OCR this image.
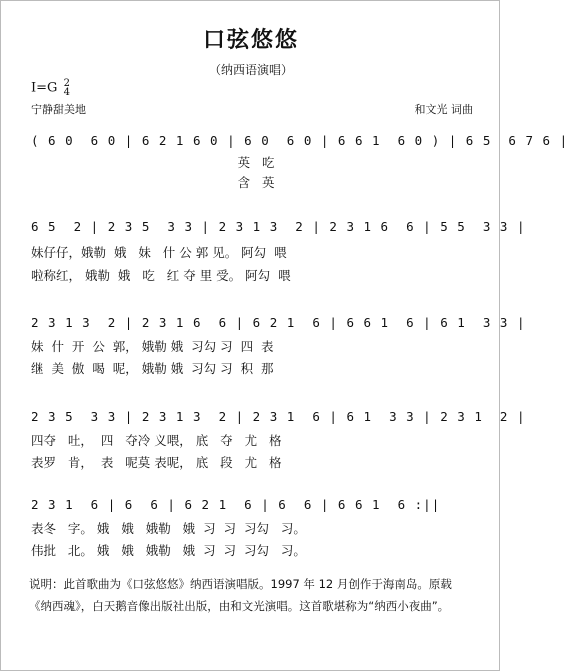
口弦悠悠
（纳西语演唱）
I=G 2
4
宁静甜美地	和文光 词曲
( 6 0  6 0 | 6 2 1 6 0 | 6 0  6 0 | 6 6 1  6 0 ) | 6 5  6 7 6 |
英   吃
含   英
6 5  2 | 2 3 5  3 3 | 2 3 1 3  2 | 2 3 1 6  6 | 5 5  3 3 |
妹仔仔，娥勒  娥   妹   什 公 郭 见。 阿勾  喂
啦称红， 娥勒  娥   吃   红 夺 里 受。 阿勾  喂
2 3 1 3  2 | 2 3 1 6  6 | 6 2 1  6 | 6 6 1  6 | 6 1  3 3 |
妹  什  开  公  郭， 娥勒 娥  习勾 习  四  表
继  美  傲  喝  呢， 娥勒 娥  习勾 习  积  那
2 3 5  3 3 | 2 3 1 3  2 | 2 3 1  6 | 6 1  3 3 | 2 3 1  2 |
四夺   吐，  四   夺冷 义喂， 底   夺   尤   格
表罗   肯，  表   呢莫 表呢， 底   段   尤   格
2 3 1  6 | 6  6 | 6 2 1  6 | 6  6 | 6 6 1  6 :||
表冬   字。 娥   娥   娥勒   娥  习  习  习勾   习。
伟批   北。 娥   娥   娥勒   娥  习  习  习勾   习。
说明：此首歌曲为《口弦悠悠》纳西语演唱版。1997 年 12 月创作于海南岛。原载《纳西魂》，白天鹅音像出版社出版，由和文光演唱。这首歌堪称为“纳西小夜曲”。
